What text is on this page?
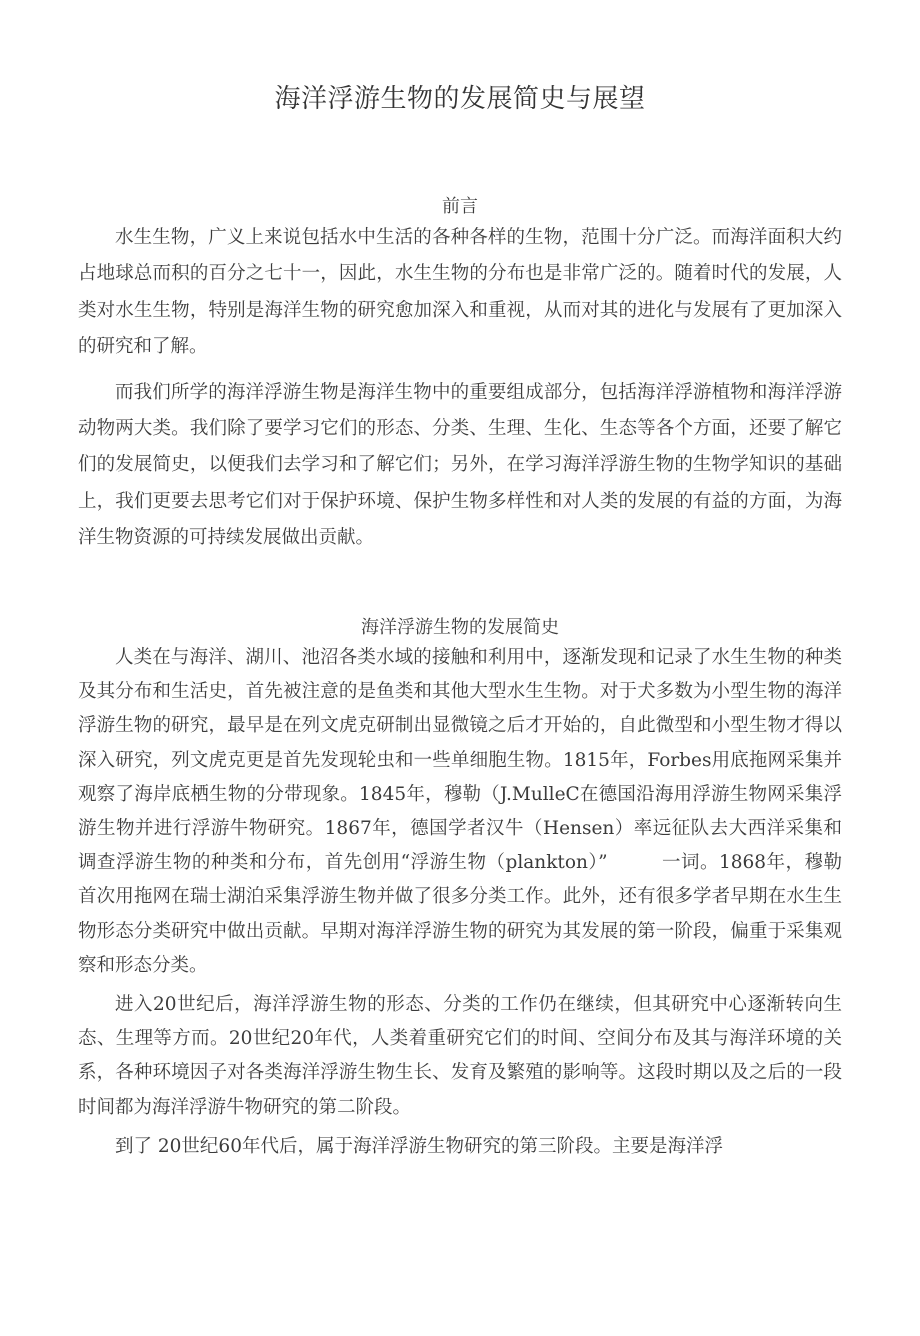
海洋浮游生物的发展简史与展望
前言

水生生物，广义上来说包括水中生活的各种各样的生物，范围十分广泛。而海洋面积大约占地球总而积的百分之七十一，因此，水生生物的分布也是非常广泛的。随着时代的发展，人类对水生生物，特别是海洋生物的研究愈加深入和重视，从而对其的进化与发展有了更加深入的研究和了解。

而我们所学的海洋浮游生物是海洋生物中的重要组成部分，包括海洋浮游植物和海洋浮游动物两大类。我们除了要学习它们的形态、分类、生理、生化、生态等各个方面，还要了解它们的发展简史，以便我们去学习和了解它们；另外，在学习海洋浮游生物的生物学知识的基础上，我们更要去思考它们对于保护环境、保护生物多样性和对人类的发展的有益的方面，为海洋生物资源的可持续发展做出贡献。

海洋浮游生物的发展简史

人类在与海洋、湖川、池沼各类水域的接触和利用中，逐渐发现和记录了水生生物的种类及其分布和生活史，首先被注意的是鱼类和其他大型水生生物。对于犬多数为小型生物的海洋浮游生物的研究，最早是在列文虎克研制出显微镜之后才开始的，自此微型和小型生物才得以深入研究，列文虎克更是首先发现轮虫和一些单细胞生物。1815年，Forbes用底拖网采集并观察了海岸底栖生物的分带现象。1845年，穆勒（J.MulleC在德国沿海用浮游生物网采集浮游生物并进行浮游牛物研究。1867年，德国学者汉牛（Hensen）率远征队去大西洋采集和调查浮游生物的种类和分布，首先创用“浮游生物（plankton）”	一词。1868年，穆勒首次用拖网在瑞士湖泊采集浮游生物并做了很多分类工作。此外，还有很多学者早期在水生生物形态分类研究中做出贡献。早期对海洋浮游生物的研究为其发展的第一阶段，偏重于采集观察和形态分类。

进入20世纪后，海洋浮游生物的形态、分类的工作仍在继续，但其研究中心逐渐转向生态、生理等方而。20世纪20年代，人类着重研究它们的时间、空间分布及其与海洋环境的关系，各种环境因子对各类海洋浮游生物生长、发育及繁殖的影响等。这段时期以及之后的一段时间都为海洋浮游牛物研究的第二阶段。

到了 20世纪60年代后，属于海洋浮游生物研究的第三阶段。主要是海洋浮
